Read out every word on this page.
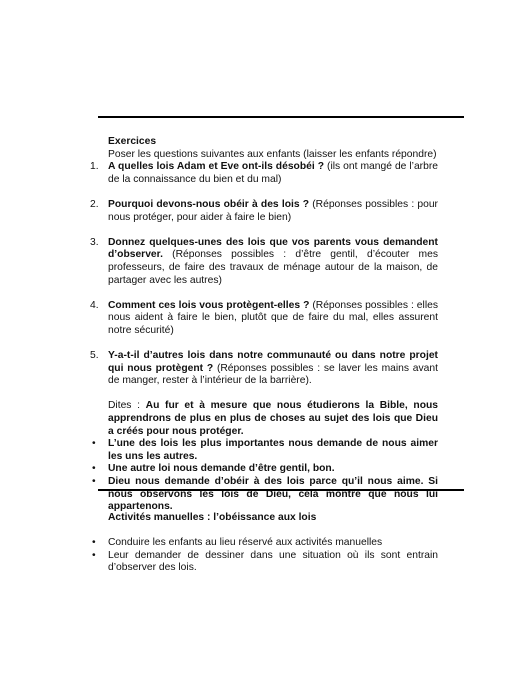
Exercices
Poser les questions suivantes aux enfants (laisser les enfants répondre)
1. A quelles lois Adam et Eve ont-ils désobéi ? (ils ont mangé de l’arbre de la connaissance du bien et du mal)
2. Pourquoi devons-nous obéir à des lois ? (Réponses possibles : pour nous protéger, pour aider à faire le bien)
3. Donnez quelques-unes des lois que vos parents vous demandent d’observer. (Réponses possibles : d’être gentil, d’écouter mes professeurs, de faire des travaux de ménage autour de la maison, de partager avec les autres)
4. Comment ces lois vous protègent-elles ? (Réponses possibles : elles nous aident à faire le bien, plutôt que de faire du mal, elles assurent notre sécurité)
5. Y-a-t-il d’autres lois dans notre communauté ou dans notre projet qui nous protègent ? (Réponses possibles : se laver les mains avant de manger, rester à l’intérieur de la barrière).
Dites : Au fur et à mesure que nous étudierons la Bible, nous apprendrons de plus en plus de choses au sujet des lois que Dieu a créés pour nous protéger.
• L’une des lois les plus importantes nous demande de nous aimer les uns les autres.
• Une autre loi nous demande d’être gentil, bon.
• Dieu nous demande d’obéir à des lois parce qu’il nous aime. Si nous observons les lois de Dieu, cela montre que nous lui appartenons.
Activités manuelles : l’obéissance aux lois
• Conduire les enfants au lieu réservé aux activités manuelles
• Leur demander de dessiner dans une situation où ils sont entrain d’observer des lois.
